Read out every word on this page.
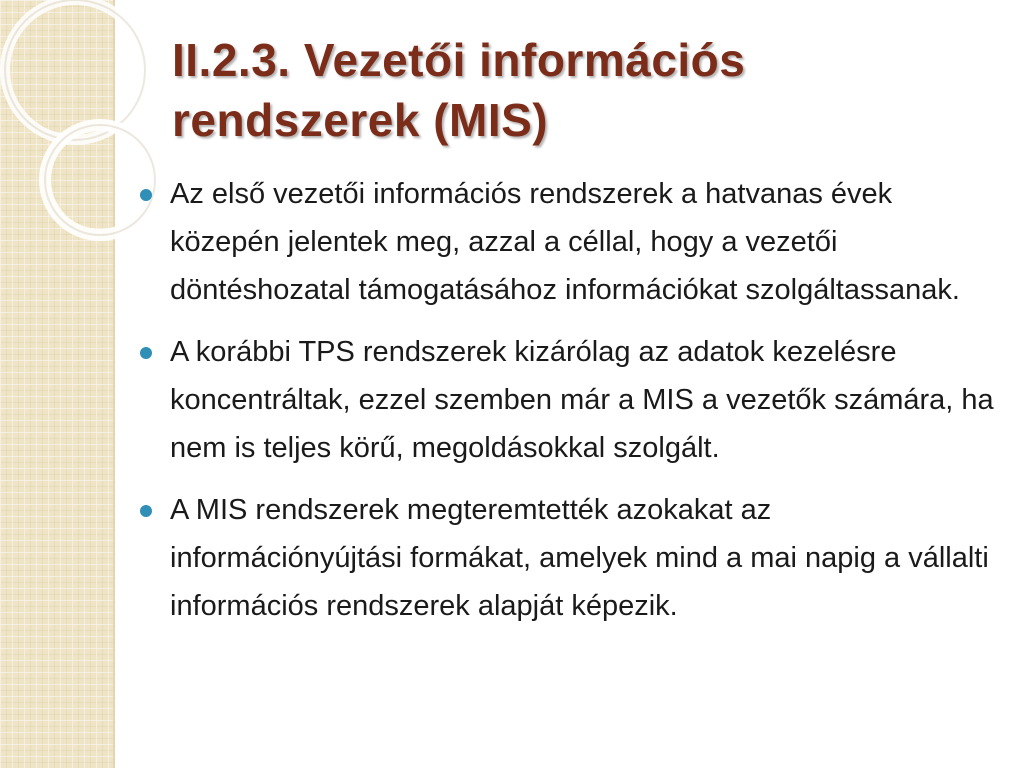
II.2.3. Vezetői információs rendszerek (MIS)
Az első vezetői információs rendszerek a hatvanas évek közepén jelentek meg, azzal a céllal, hogy a vezetői döntéshozatal támogatásához információkat szolgáltassanak.
A korábbi TPS rendszerek kizárólag az adatok kezelésre koncentráltak, ezzel szemben már a MIS a vezetők számára, ha nem is teljes körű, megoldásokkal szolgált.
A MIS rendszerek megteremtették azokakat az információnyújtási formákat, amelyek mind a mai napig a vállalti információs rendszerek alapját képezik.
